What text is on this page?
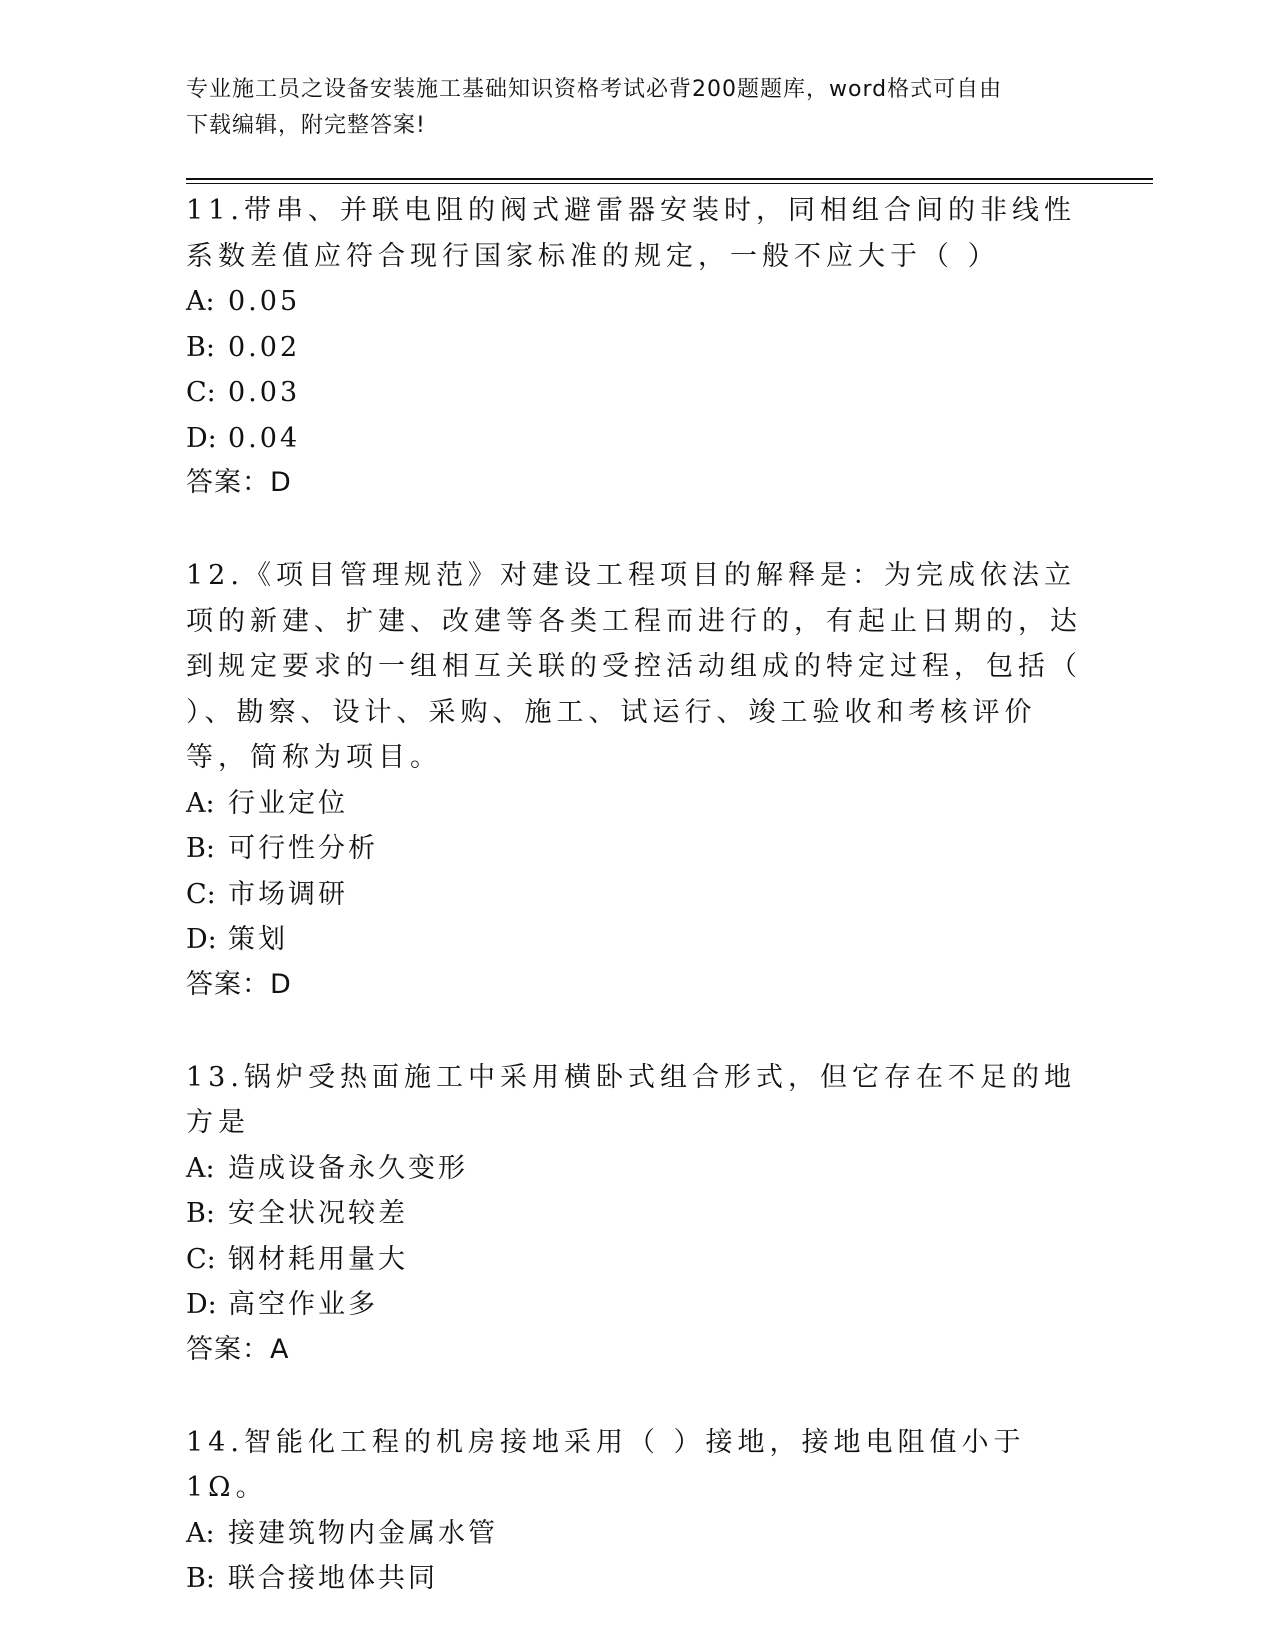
专业施工员之设备安装施工基础知识资格考试必背200题题库，word格式可自由
下载编辑，附完整答案!

11.带串、并联电阻的阀式避雷器安装时，同相组合间的非线性系数差值应符合现行国家标准的规定，一般不应大于（ ）

A: 0.05

B: 0.02

C: 0.03

D: 0.04

答案：D

12.《项目管理规范》对建设工程项目的解释是：为完成依法立项的新建、扩建、改建等各类工程而进行的，有起止日期的，达到规定要求的一组相互关联的受控活动组成的特定过程，包括（ ）、勘察、设计、采购、施工、试运行、竣工验收和考核评价等，简称为项目。

A: 行业定位

B: 可行性分析

C: 市场调研

D: 策划

答案：D

13.锅炉受热面施工中采用横卧式组合形式，但它存在不足的地方是

A: 造成设备永久变形

B: 安全状况较差

C: 钢材耗用量大

D: 高空作业多

答案：A

14.智能化工程的机房接地采用（ ）接地，接地电阻值小于1Ω。

A: 接建筑物内金属水管

B: 联合接地体共同
